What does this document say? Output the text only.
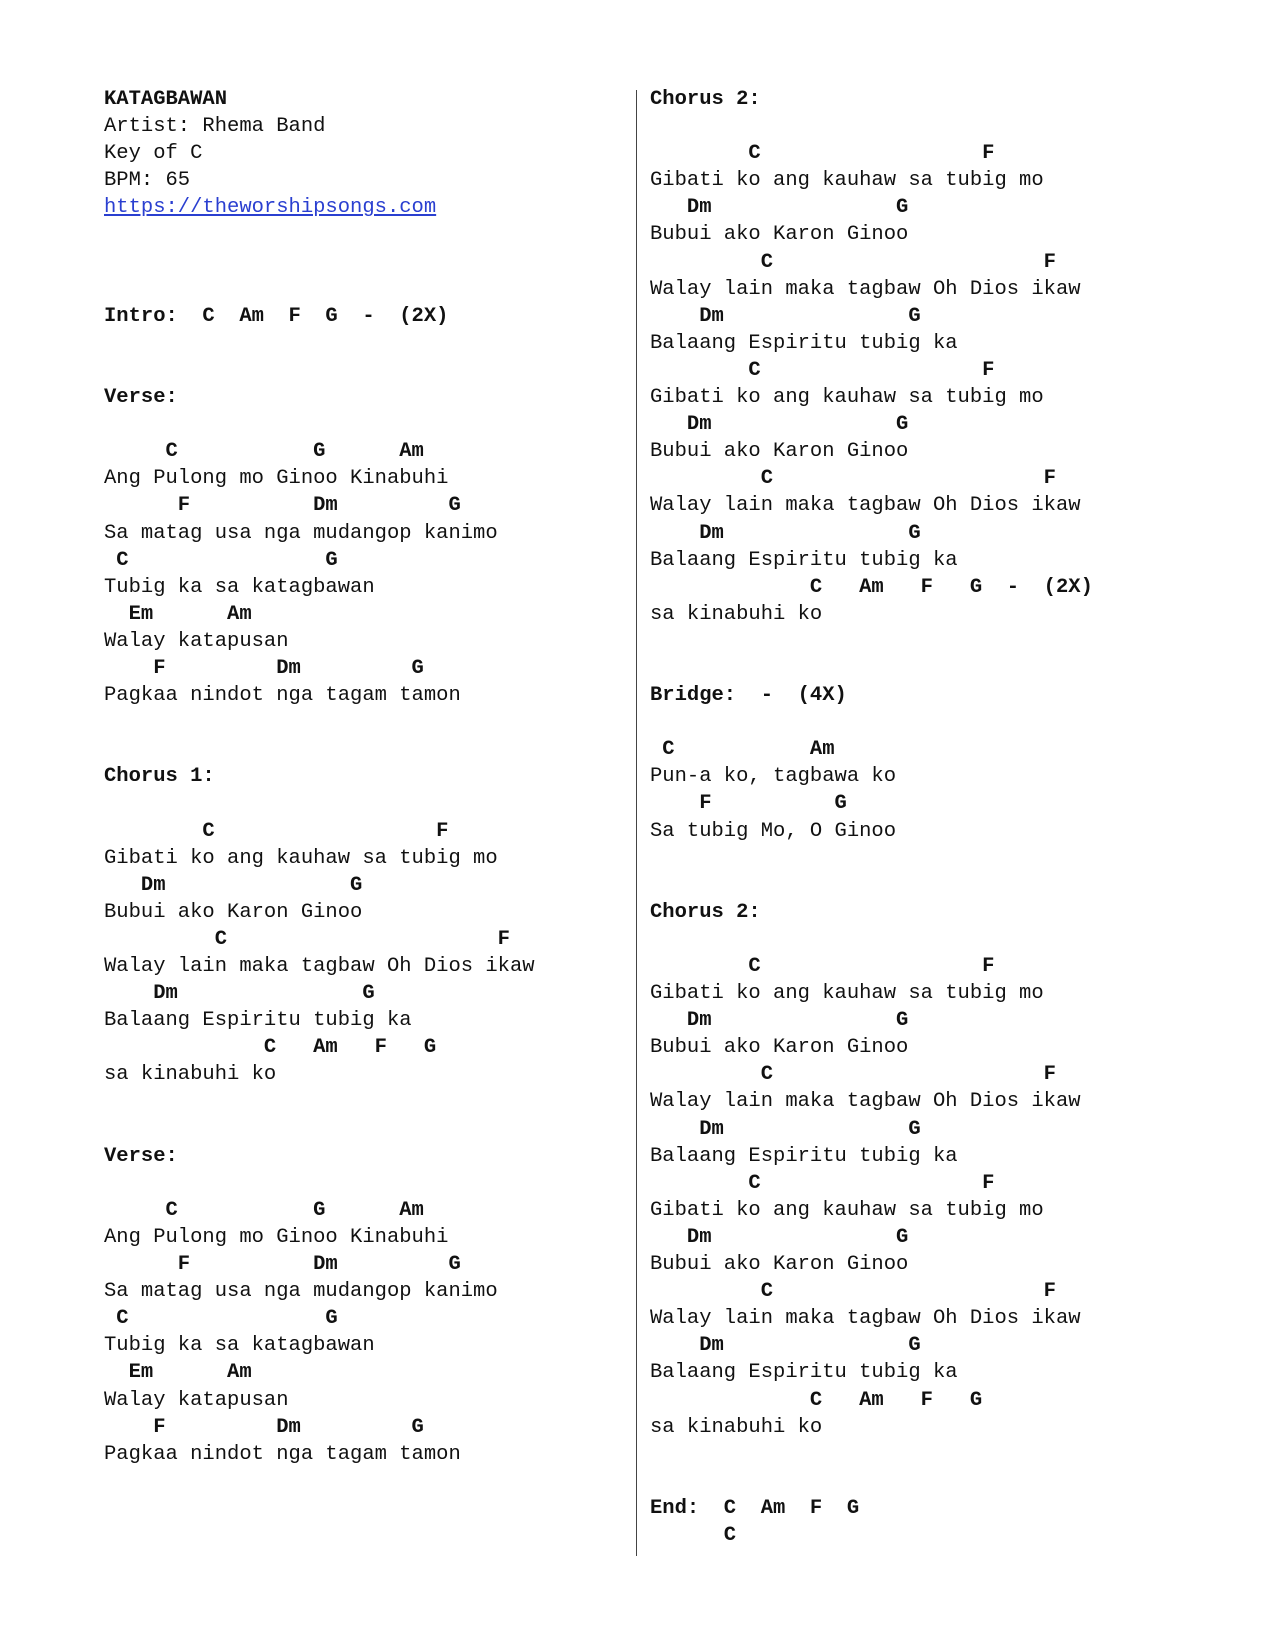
KATAGBAWAN
Artist: Rhema Band
Key of C
BPM: 65
https://theworshipsongs.com
Intro:  C  Am  F  G  -  (2X)
Verse:
C           G      Am
Ang Pulong mo Ginoo Kinabuhi
F          Dm         G
Sa matag usa nga mudangop kanimo
C                G
Tubig ka sa katagbawan
Em      Am
Walay katapusan
F         Dm         G
Pagkaa nindot nga tagam tamon
Chorus 1:
C                  F
Gibati ko ang kauhaw sa tubig mo
Dm               G
Bubui ako Karon Ginoo
C                      F
Walay lain maka tagbaw Oh Dios ikaw
Dm               G
Balaang Espiritu tubig ka
C   Am   F   G
sa kinabuhi ko
Verse:
C           G      Am
Ang Pulong mo Ginoo Kinabuhi
F          Dm         G
Sa matag usa nga mudangop kanimo
C                G
Tubig ka sa katagbawan
Em      Am
Walay katapusan
F         Dm         G
Pagkaa nindot nga tagam tamon
Chorus 2:
C                  F
Gibati ko ang kauhaw sa tubig mo
Dm               G
Bubui ako Karon Ginoo
C                      F
Walay lain maka tagbaw Oh Dios ikaw
Dm               G
Balaang Espiritu tubig ka
C                  F
Gibati ko ang kauhaw sa tubig mo
Dm               G
Bubui ako Karon Ginoo
C                      F
Walay lain maka tagbaw Oh Dios ikaw
Dm               G
Balaang Espiritu tubig ka
C   Am   F   G  -  (2X)
sa kinabuhi ko
Bridge:  -  (4X)
C           Am
Pun-a ko, tagbawa ko
F          G
Sa tubig Mo, O Ginoo
Chorus 2:
C                  F
Gibati ko ang kauhaw sa tubig mo
Dm               G
Bubui ako Karon Ginoo
C                      F
Walay lain maka tagbaw Oh Dios ikaw
Dm               G
Balaang Espiritu tubig ka
C                  F
Gibati ko ang kauhaw sa tubig mo
Dm               G
Bubui ako Karon Ginoo
C                      F
Walay lain maka tagbaw Oh Dios ikaw
Dm               G
Balaang Espiritu tubig ka
C   Am   F   G
sa kinabuhi ko
End:  C  Am  F  G
C
